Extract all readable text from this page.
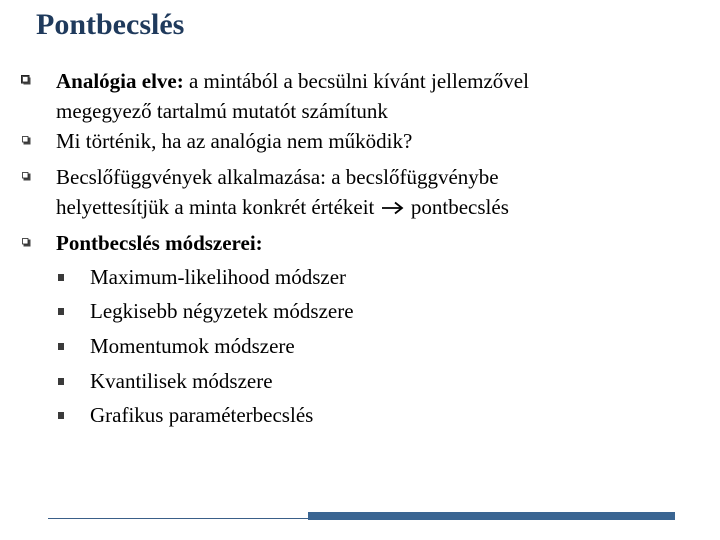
Pontbecslés
Analógia elve: a mintából a becsülni kívánt jellemzővel
megegyező tartalmú mutatót számítunk
Mi történik, ha az analógia nem működik?
Becslőfüggvények alkalmazása: a becslőfüggvénybe
helyettesítjük a minta konkrét értékeit  pontbecslés
Pontbecslés módszerei:
Maximum-likelihood módszer
Legkisebb négyzetek módszere
Momentumok módszere
Kvantilisek módszere
Grafikus paraméterbecslés
